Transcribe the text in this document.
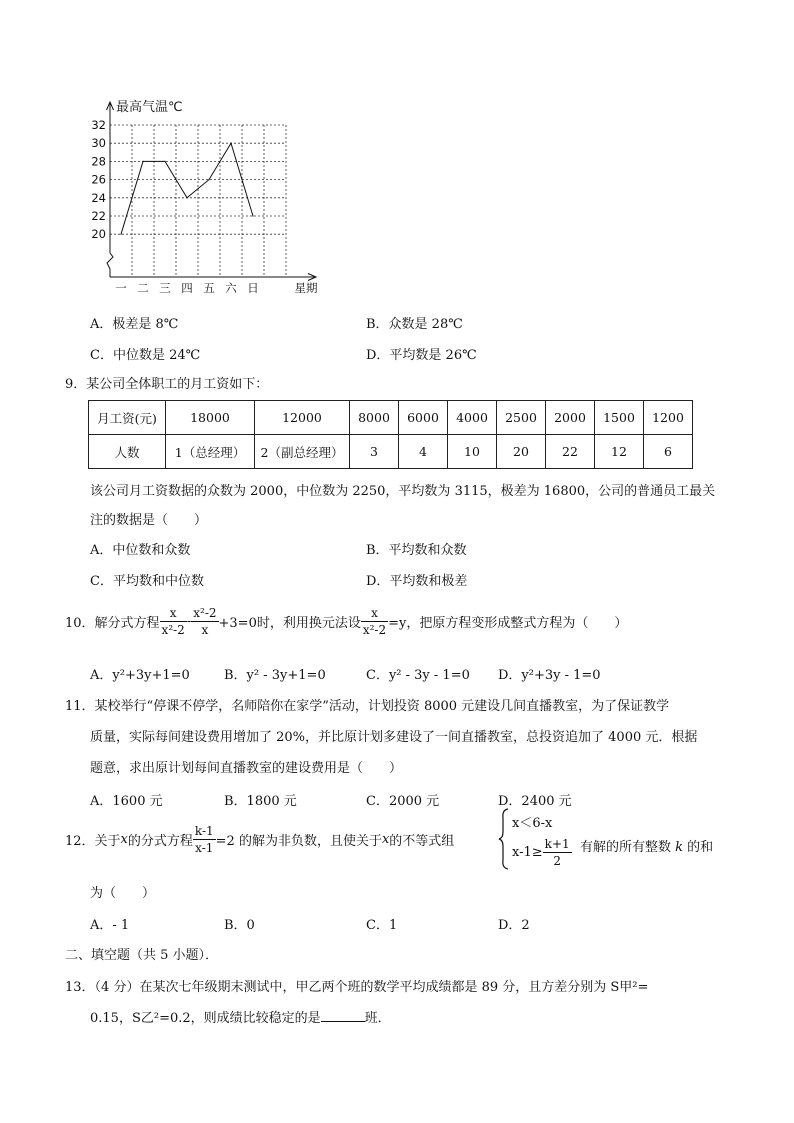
20
22
24
26
28
30
32
一 二 三 四 五 六 日
最高气温℃
星期
A．极差是 8℃	B．众数是 28℃
C．中位数是 24℃	D．平均数是 26℃
9．某公司全体职工的月工资如下：
月工资(元)	18000	12000	8000	6000	4000	2500	2000	1500	1200
人数	1（总经理）	2（副总经理）	3	4	10	20	22	12	6
该公司月工资数据的众数为 2000，中位数为 2250，平均数为 3115，极差为 16800，公司的普通员工最关
注的数据是（　　）
A．中位数和众数	B．平均数和众数
C．平均数和中位数	D．平均数和极差
10．解分式方程 $\frac{x}{\text{x²-2}} - \frac{\text{x²-2}}{x} +3=0$时，利用换元法设 $\frac{x}{\text{x²-2}} =y$，把原方程变形成整式方程为（　　）
A．y²+3y+1=0	B．y² - 3y+1=0	C．y² - 3y - 1=0 D．y²+3y - 1=0
11．某校举行“停课不停学，名师陪你在家学”活动，计划投资 8000 元建设几间直播教室，为了保证教学
质量，实际每间建设费用增加了 20%，并比原计划多建设了一间直播教室，总投资追加了 4000 元．根据
题意，求出原计划每间直播教室的建设费用是（　　）
A．1600 元	B．1800 元	C．2000 元	D．2400 元
12．关于 x 的分式方程 $\frac{k-1}{x-1} =2$ 的解为非负数，且使关于 x 的不等式组
x＜6-x
$x-1\ge \frac{k+1}{2}$ 有解的所有整数 k 的和
为（　　）
A．- 1	B．0	C．1	D．2
二、填空题（共 5 小题）．
13．（4 分）在某次七年级期末测试中，甲乙两个班的数学平均成绩都是 89 分，且方差分别为 S甲²=
0.15，S乙²=0.2，则成绩比较稳定的是	班．
